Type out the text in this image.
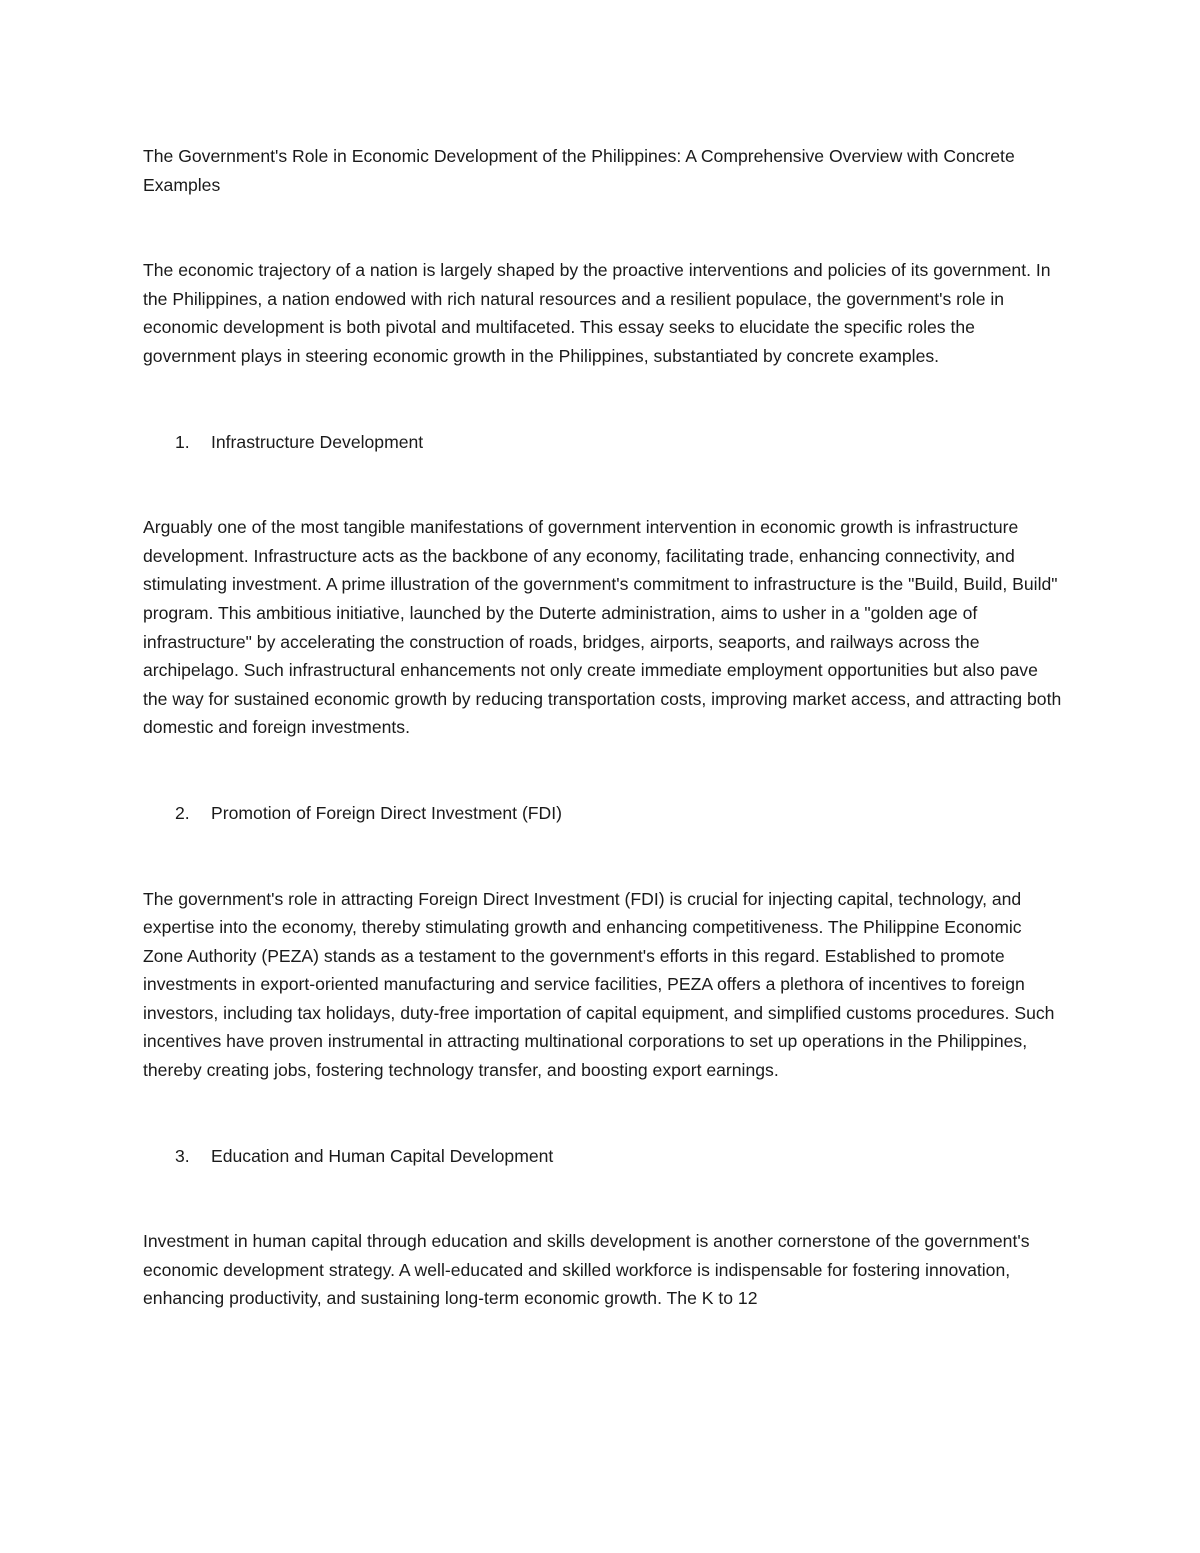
The Government's Role in Economic Development of the Philippines: A Comprehensive Overview with Concrete Examples

The economic trajectory of a nation is largely shaped by the proactive interventions and policies of its government. In the Philippines, a nation endowed with rich natural resources and a resilient populace, the government's role in economic development is both pivotal and multifaceted. This essay seeks to elucidate the specific roles the government plays in steering economic growth in the Philippines, substantiated by concrete examples.

1.	Infrastructure Development

Arguably one of the most tangible manifestations of government intervention in economic growth is infrastructure development. Infrastructure acts as the backbone of any economy, facilitating trade, enhancing connectivity, and stimulating investment. A prime illustration of the government's commitment to infrastructure is the "Build, Build, Build" program. This ambitious initiative, launched by the Duterte administration, aims to usher in a "golden age of infrastructure" by accelerating the construction of roads, bridges, airports, seaports, and railways across the archipelago. Such infrastructural enhancements not only create immediate employment opportunities but also pave the way for sustained economic growth by reducing transportation costs, improving market access, and attracting both domestic and foreign investments.

2.	Promotion of Foreign Direct Investment (FDI)

The government's role in attracting Foreign Direct Investment (FDI) is crucial for injecting capital, technology, and expertise into the economy, thereby stimulating growth and enhancing competitiveness. The Philippine Economic Zone Authority (PEZA) stands as a testament to the government's efforts in this regard. Established to promote investments in export-oriented manufacturing and service facilities, PEZA offers a plethora of incentives to foreign investors, including tax holidays, duty-free importation of capital equipment, and simplified customs procedures. Such incentives have proven instrumental in attracting multinational corporations to set up operations in the Philippines, thereby creating jobs, fostering technology transfer, and boosting export earnings.

3.	Education and Human Capital Development

Investment in human capital through education and skills development is another cornerstone of the government's economic development strategy. A well-educated and skilled workforce is indispensable for fostering innovation, enhancing productivity, and sustaining long-term economic growth. The K to 12
